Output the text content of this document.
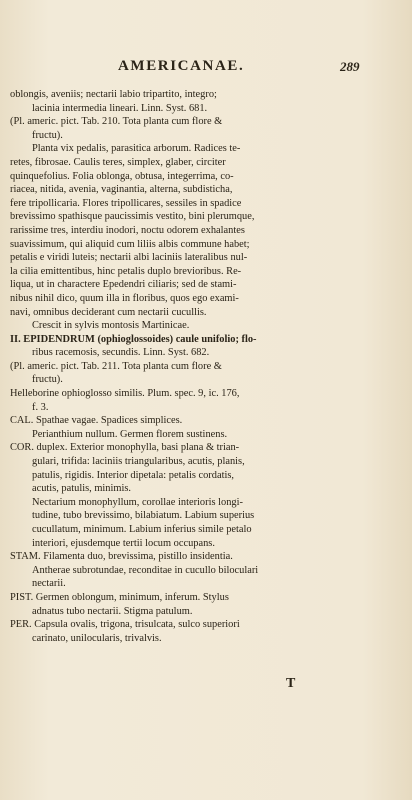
AMERICANAE.	289
oblongis, aveniis; nectarii labio tripartito, integro;
lacinia intermedia lineari. Linn. Syst. 681.
(Pl. americ. pict. Tab. 210. Tota planta cum flore &
fructu).
Planta vix pedalis, parasitica arborum. Radices te-
retes, fibrosae. Caulis teres, simplex, glaber, circiter
quinquefolius. Folia oblonga, obtusa, integerrima, co-
riacea, nitida, avenia, vaginantia, alterna, subdisticha,
fere tripollicaria. Flores tripollicares, sessiles in spadice
brevissimo spathisque paucissimis vestito, bini plerumque,
rarissime tres, interdiu inodori, noctu odorem exhalantes
suavissimum, qui aliquid cum liliis albis commune habet;
petalis e viridi luteis; nectarii albi laciniis lateralibus nul-
la cilia emittentibus, hinc petalis duplo brevioribus. Re-
liqua, ut in charactere Epedendri ciliaris; sed de stami-
nibus nihil dico, quum illa in floribus, quos ego exami-
navi, omnibus deciderant cum nectarii cucullis.
Crescit in sylvis montosis Martinicae.
II. EPIDENDRUM (ophioglossoides) caule unifolio; flo-
ribus racemosis, secundis. Linn. Syst. 682.
(Pl. americ. pict. Tab. 211. Tota planta cum flore &
fructu).
Helleborine ophioglosso similis. Plum. spec. 9, ic. 176,
f. 3.
CAL. Spathae vagae. Spadices simplices.
Perianthium nullum. Germen florem sustinens.
COR. duplex. Exterior monophylla, basi plana & trian-
gulari, trifida: laciniis triangularibus, acutis, planis,
patulis, rigidis. Interior dipetala: petalis cordatis,
acutis, patulis, minimis.
Nectarium monophyllum, corollae interioris longi-
tudine, tubo brevissimo, bilabiatum. Labium superius
cucullatum, minimum. Labium inferius simile petalo
interiori, ejusdemque tertii locum occupans.
STAM. Filamenta duo, brevissima, pistillo insidentia.
Antherae subrotundae, reconditae in cucullo biloculari
nectarii.
PIST. Germen oblongum, minimum, inferum. Stylus
adnatus tubo nectarii. Stigma patulum.
PER. Capsula ovalis, trigona, trisulcata, sulco superiori
carinato, unilocularis, trivalvis.
T
